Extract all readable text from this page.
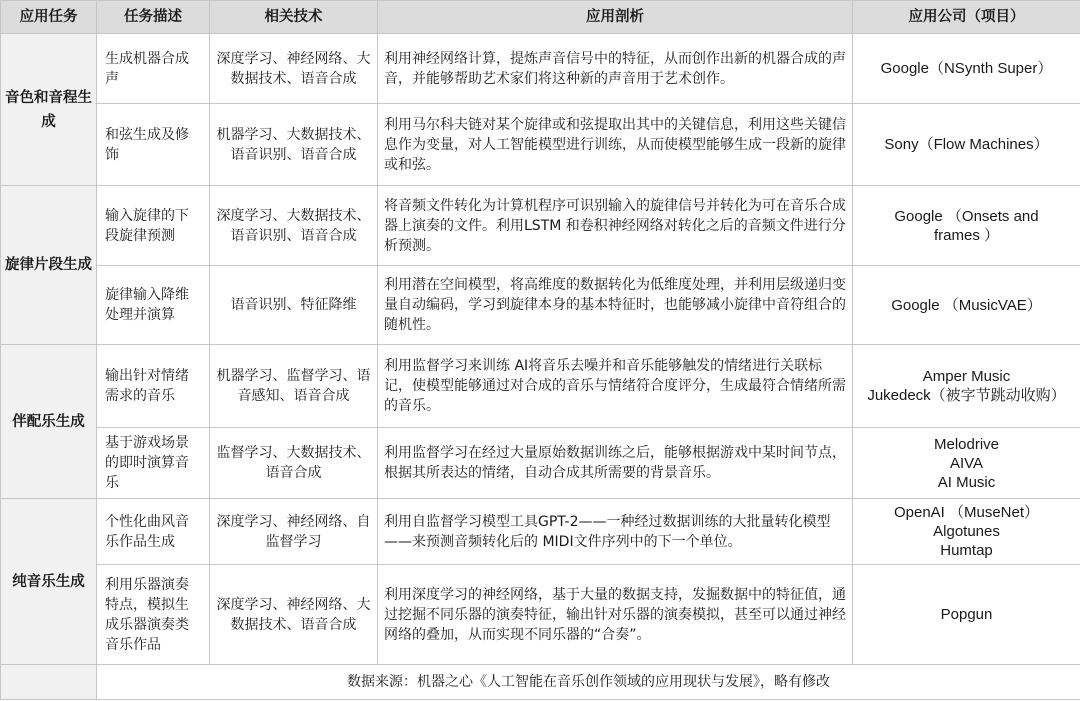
应用任务	任务描述	相关技术	应用剖析	应用公司（项目）
音色和音程生成	生成机器合成声	深度学习、神经网络、大数据技术、语音合成	利用神经网络计算，提炼声音信号中的特征，从而创作出新的机器合成的声音，并能够帮助艺术家们将这种新的声音用于艺术创作。	Google（NSynth Super）

	和弦生成及修饰	机器学习、大数据技术、语音识别、语音合成	利用马尔科夫链对某个旋律或和弦提取出其中的关键信息，利用这些关键信息作为变量，对人工智能模型进行训练，从而使模型能够生成一段新的旋律或和弦。	Sony（Flow Machines）

旋律片段生成	输入旋律的下段旋律预测	深度学习、大数据技术、语音识别、语音合成	将音频文件转化为计算机程序可识别输入的旋律信号并转化为可在音乐合成器上演奏的文件。利用LSTM 和卷积神经网络对转化之后的音频文件进行分析预测。	Google （Onsets and
frames ）

	旋律输入降维处理并演算	语音识别、特征降维	利用潜在空间模型，将高维度的数据转化为低维度处理，并利用层级递归变量自动编码，学习到旋律本身的基本特征时，也能够减小旋律中音符组合的随机性。	Google （MusicVAE）

伴配乐生成	输出针对情绪需求的音乐	机器学习、监督学习、语音感知、语音合成	利用监督学习来训练 AI将音乐去噪并和音乐能够触发的情绪进行关联标记，使模型能够通过对合成的音乐与情绪符合度评分，生成最符合情绪所需的音乐。	Amper Music
Jukedeck（被字节跳动收购）

	基于游戏场景的即时演算音乐	监督学习、大数据技术、语音合成	利用监督学习在经过大量原始数据训练之后，能够根据游戏中某时间节点，根据其所表达的情绪，自动合成其所需要的背景音乐。	Melodrive
AIVA
AI Music

纯音乐生成	个性化曲风音乐作品生成	深度学习、神经网络、自监督学习	利用自监督学习模型工具GPT-2——一种经过数据训练的大批量转化模型——来预测音频转化后的 MIDI文件序列中的下一个单位。	OpenAI （MuseNet）
Algotunes
Humtap

	利用乐器演奏特点，模拟生成乐器演奏类音乐作品	深度学习、神经网络、大数据技术、语音合成	利用深度学习的神经网络，基于大量的数据支持，发掘数据中的特征值，通过挖掘不同乐器的演奏特征，输出针对乐器的演奏模拟，甚至可以通过神经网络的叠加，从而实现不同乐器的“合奏”。	Popgun

	数据来源：机器之心《人工智能在音乐创作领域的应用现状与发展》，略有修改			
